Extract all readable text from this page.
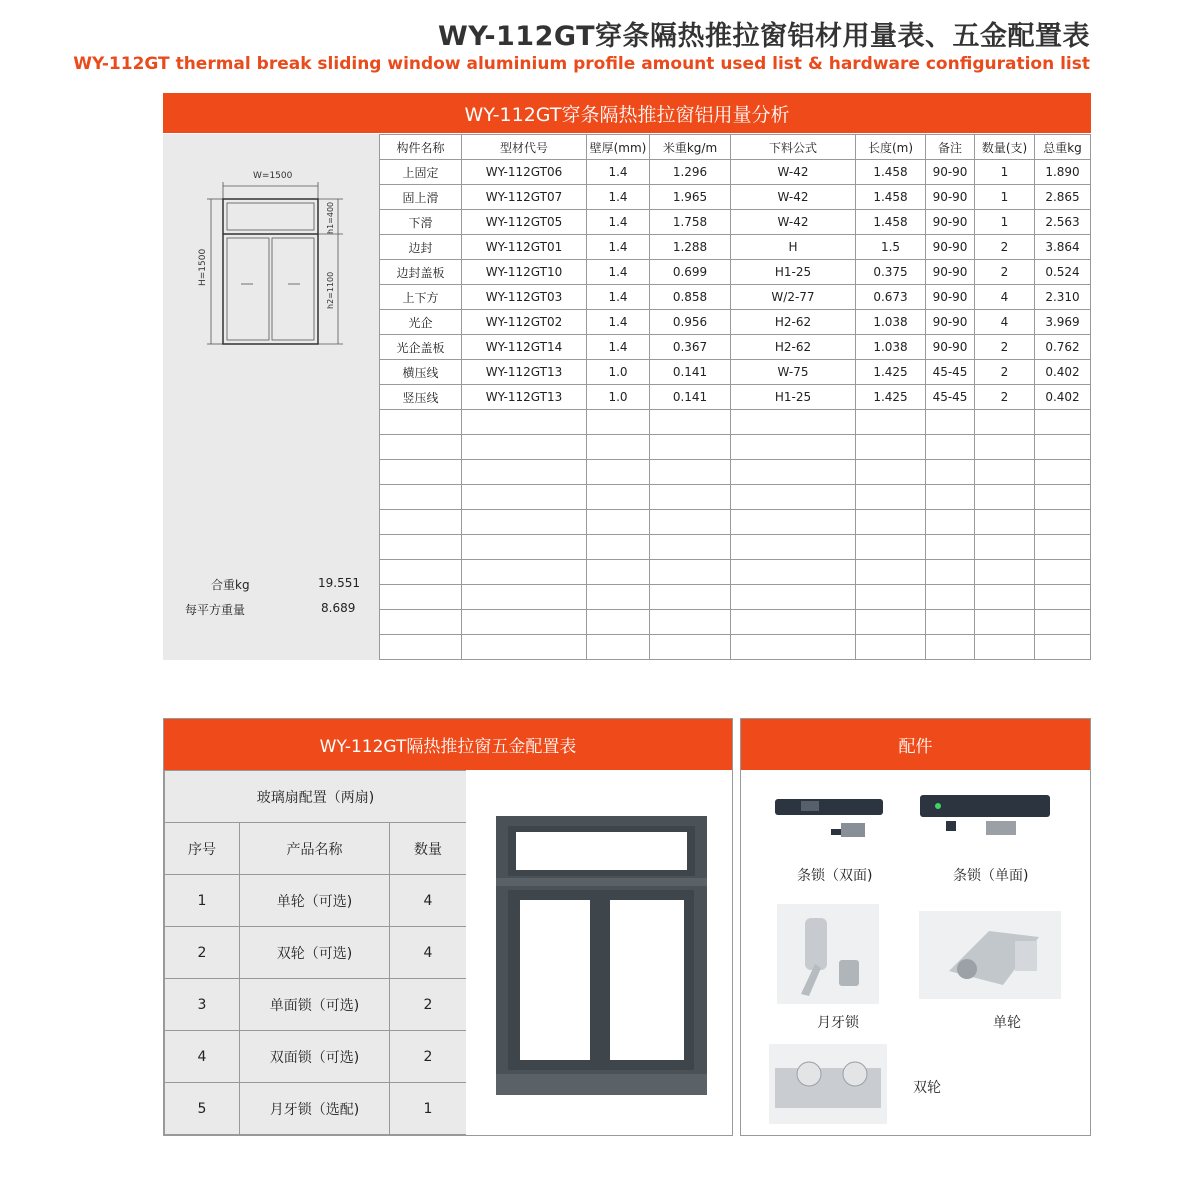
WY-112GT穿条隔热推拉窗铝材用量表、五金配置表
WY-112GT thermal break sliding window aluminium profile amount used list & hardware configuration list
WY-112GT穿条隔热推拉窗铝用量分析
W=1500
H=1500
h1=400
h2=1100
合重kg	19.551
每平方重量	8.689
构件名称	型材代号	壁厚(mm)	米重kg/m	下料公式	长度(m)	备注	数量(支)	总重kg
上固定	WY-112GT06	1.4	1.296	W-42	1.458	90-90	1	1.890
固上滑	WY-112GT07	1.4	1.965	W-42	1.458	90-90	1	2.865
下滑	WY-112GT05	1.4	1.758	W-42	1.458	90-90	1	2.563
边封	WY-112GT01	1.4	1.288	H	1.5	90-90	2	3.864
边封盖板	WY-112GT10	1.4	0.699	H1-25	0.375	90-90	2	0.524
上下方	WY-112GT03	1.4	0.858	W/2-77	0.673	90-90	4	2.310
光企	WY-112GT02	1.4	0.956	H2-62	1.038	90-90	4	3.969
光企盖板	WY-112GT14	1.4	0.367	H2-62	1.038	90-90	2	0.762
横压线	WY-112GT13	1.0	0.141	W-75	1.425	45-45	2	0.402
竖压线	WY-112GT13	1.0	0.141	H1-25	1.425	45-45	2	0.402

WY-112GT隔热推拉窗五金配置表
玻璃扇配置（两扇)		
序号	产品名称	数量
1	单轮（可选)	4
2	双轮（可选)	4
3	单面锁（可选)	2
4	双面锁（可选)	2
5	月牙锁（选配)	1
配件
条锁（双面)	条锁（单面)
月牙锁	单轮
双轮
